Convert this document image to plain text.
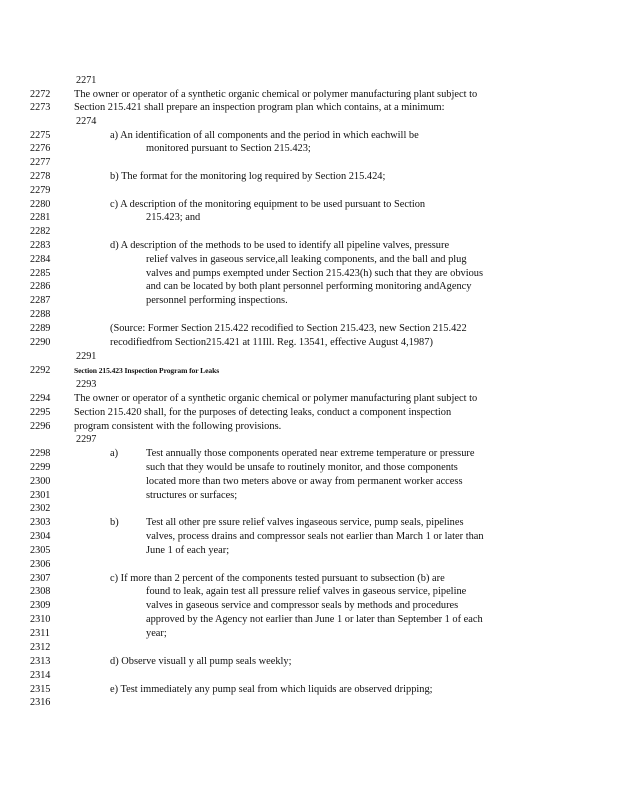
2271
2272 The owner or operator of a synthetic organic chemical or polymer manufacturing plant subject to
2273 Section 215.421 shall prepare an inspection program plan which contains, at a minimum:
2274
2275	a) An identification of all components and the period in which eachwill be
2276	monitored pursuant to Section 215.423;
2277
2278	b) The format for the monitoring log required by Section 215.424;
2279
2280	c) A description of the monitoring equipment to be used pursuant to Section
2281	215.423; and
2282
2283	d) A description of the methods to be used to identify all pipeline valves, pressure
2284	relief valves in gaseous service,all leaking components, and the ball and plug
2285	valves and pumps exempted under Section 215.423(h) such that they are obvious
2286	and can be located by both plant personnel performing monitoring andAgency
2287	personnel performing inspections.
2288
2289	(Source: Former Section 215.422 recodified to Section 215.423, new Section 215.422
2290	recodifiedfrom Section215.421 at 11Ill. Reg. 13541, effective August 4,1987)
2291
2292	Section 215.423 Inspection Program for Leaks
2293
2294 The owner or operator of a synthetic organic chemical or polymer manufacturing plant subject to
2295 Section 215.420 shall, for the purposes of detecting leaks, conduct a component inspection
2296 program consistent with the following provisions.
2297
2298	a)	Test annually those components operated near extreme temperature or pressure
2299	such that they would be unsafe to routinely monitor, and those components
2300	located more than two meters above or away from permanent worker access
2301	structures or surfaces;
2302
2303	b)	Test all other pre ssure relief valves ingaseous service, pump seals, pipelines
2304	valves, process drains and compressor seals not earlier than March 1 or later than
2305	June 1 of each year;
2306
2307	c) If more than 2 percent of the components tested pursuant to subsection (b) are
2308	found to leak, again test all pressure relief valves in gaseous service, pipeline
2309	valves in gaseous service and compressor seals by methods and procedures
2310	approved by the Agency not earlier than June 1 or later than September 1 of each
2311	year;
2312
2313	d) Observe visuall y all pump seals weekly;
2314
2315	e) Test immediately any pump seal from which liquids are observed dripping;
2316
